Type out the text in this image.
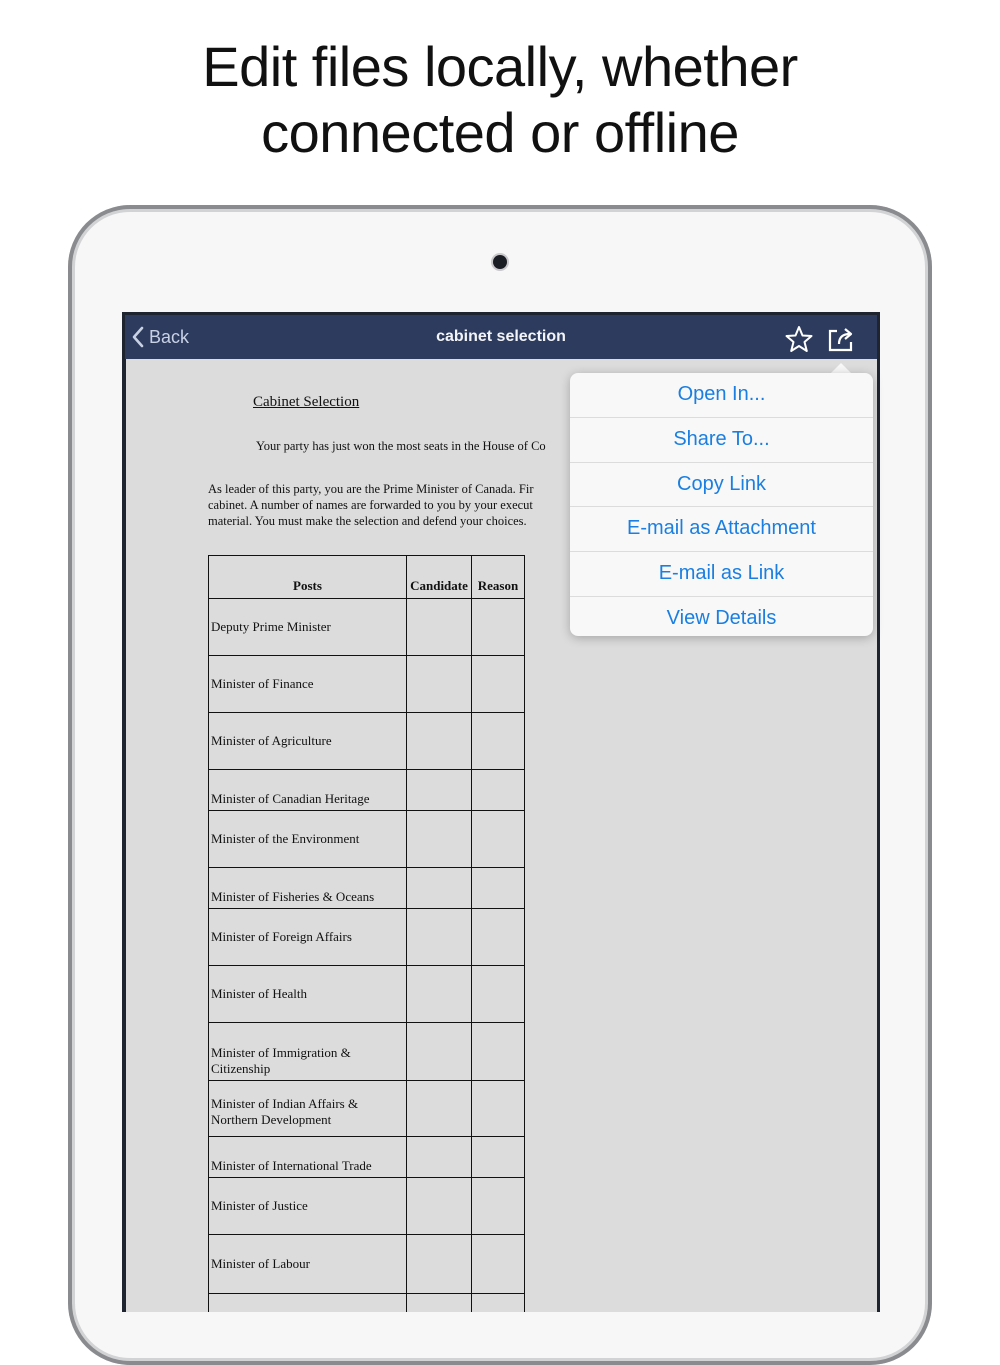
Edit files locally, whether
connected or offline
Back	cabinet selection
Cabinet Selection
Your party has just won the most seats in the House of Co
As leader of this party, you are the Prime Minister of Canada. Fir
cabinet. A number of names are forwarded to you by your execut
material. You must make the selection and defend your choices.
Posts	Candidate	Reason
Deputy Prime Minister		
Minister of Finance		
Minister of Agriculture		
Minister of Canadian Heritage		
Minister of the Environment		
Minister of Fisheries & Oceans		
Minister of Foreign Affairs		
Minister of Health		
Minister of Immigration & Citizenship		
Minister of Indian Affairs & Northern Development		
Minister of International Trade		
Minister of Justice		
Minister of Labour		

Open In...
Share To...
Copy Link
E-mail as Attachment
E-mail as Link
View Details
